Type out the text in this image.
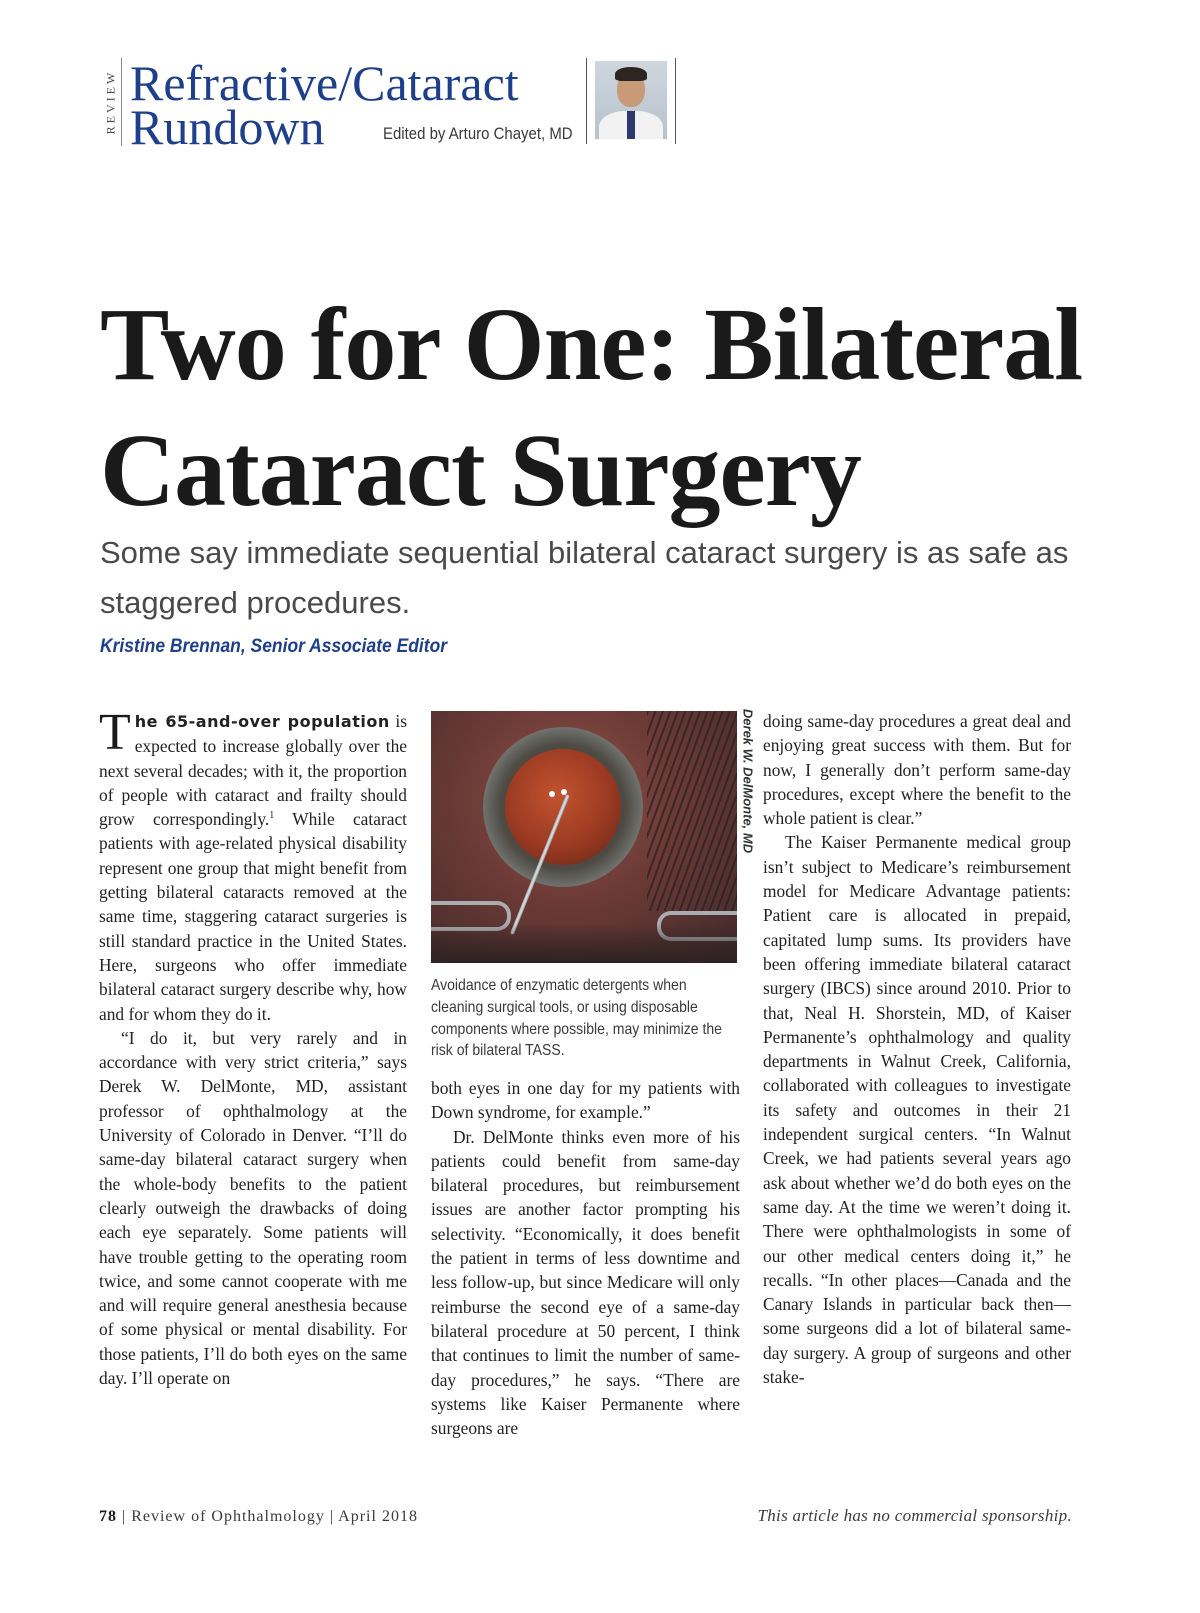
REVIEW Refractive/Cataract
Rundown	Edited by Arturo Chayet, MD
Two for One: Bilateral Cataract Surgery
Some say immediate sequential bilateral cataract surgery is as safe as staggered procedures.
Kristine Brennan, Senior Associate Editor

The 65-and-over population is expected to increase globally over the next several decades; with it, the proportion of people with cataract and frailty should grow correspondingly.$^1$ While cataract patients with age-related physical disability represent one group that might benefit from getting bilateral cataracts removed at the same time, staggering cataract surgeries is still standard practice in the United States. Here, surgeons who offer immediate bilateral cataract surgery describe why, how and for whom they do it.

“I do it, but very rarely and in accordance with very strict criteria,” says Derek W. DelMonte, MD, assistant professor of ophthalmology at the University of Colorado in Denver. “I’ll do same-day bilateral cataract surgery when the whole-body benefits to the patient clearly outweigh the drawbacks of doing each eye separately. Some patients will have trouble getting to the operating room twice, and some cannot cooperate with me and will require general anesthesia because of some physical or mental disability. For those patients, I’ll do both eyes on the same day. I’ll operate on

Derek W. DelMonte, MD
Avoidance of enzymatic detergents when cleaning surgical tools, or using disposable components where possible, may minimize the risk of bilateral TASS.

both eyes in one day for my patients with Down syndrome, for example.”

Dr. DelMonte thinks even more of his patients could benefit from same-day bilateral procedures, but reimbursement issues are another factor prompting his selectivity. “Economically, it does benefit the patient in terms of less downtime and less follow-up, but since Medicare will only reimburse the second eye of a same-day bilateral procedure at 50 percent, I think that continues to limit the number of same-day procedures,” he says. “There are systems like Kaiser Permanente where surgeons are

doing same-day procedures a great deal and enjoying great success with them. But for now, I generally don’t perform same-day procedures, except where the benefit to the whole patient is clear.”

The Kaiser Permanente medical group isn’t subject to Medicare’s reimbursement model for Medicare Advantage patients: Patient care is allocated in prepaid, capitated lump sums. Its providers have been offering immediate bilateral cataract surgery (IBCS) since around 2010. Prior to that, Neal H. Shorstein, MD, of Kaiser Permanente’s ophthalmology and quality departments in Walnut Creek, California, collaborated with colleagues to investigate its safety and outcomes in their 21 independent surgical centers. “In Walnut Creek, we had patients several years ago ask about whether we’d do both eyes on the same day. At the time we weren’t doing it. There were ophthalmologists in some of our other medical centers doing it,” he recalls. “In other places—Canada and the Canary Islands in particular back then—some surgeons did a lot of bilateral same-day surgery. A group of surgeons and other stake-

78 | Review of Ophthalmology | April 2018	This article has no commercial sponsorship.
